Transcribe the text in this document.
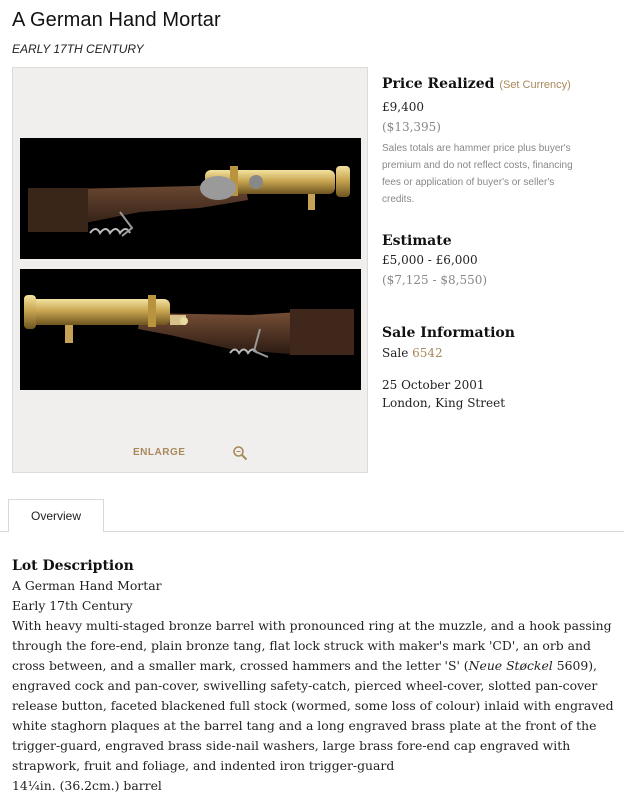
A German Hand Mortar
EARLY 17TH CENTURY
ENLARGE
Price Realized (Set Currency)
£9,400
($13,395)
Sales totals are hammer price plus buyer's premium and do not reflect costs, financing fees or application of buyer's or seller's credits.
Estimate
£5,000 - £6,000
($7,125 - $8,550)
Sale Information
Sale 6542
25 October 2001
London, King Street
Overview
Lot Description

A German Hand Mortar

Early 17th Century

With heavy multi-staged bronze barrel with pronounced ring at the muzzle, and a hook passing through the fore-end, plain bronze tang, flat lock struck with maker's mark 'CD', an orb and cross between, and a smaller mark, crossed hammers and the letter 'S' (Neue Støckel 5609), engraved cock and pan-cover, swivelling safety-catch, pierced wheel-cover, slotted pan-cover release button, faceted blackened full stock (wormed, some loss of colour) inlaid with engraved white staghorn plaques at the barrel tang and a long engraved brass plate at the front of the trigger-guard, engraved brass side-nail washers, large brass fore-end cap engraved with strapwork, fruit and foliage, and indented iron trigger-guard

14¼in. (36.2cm.) barrel
